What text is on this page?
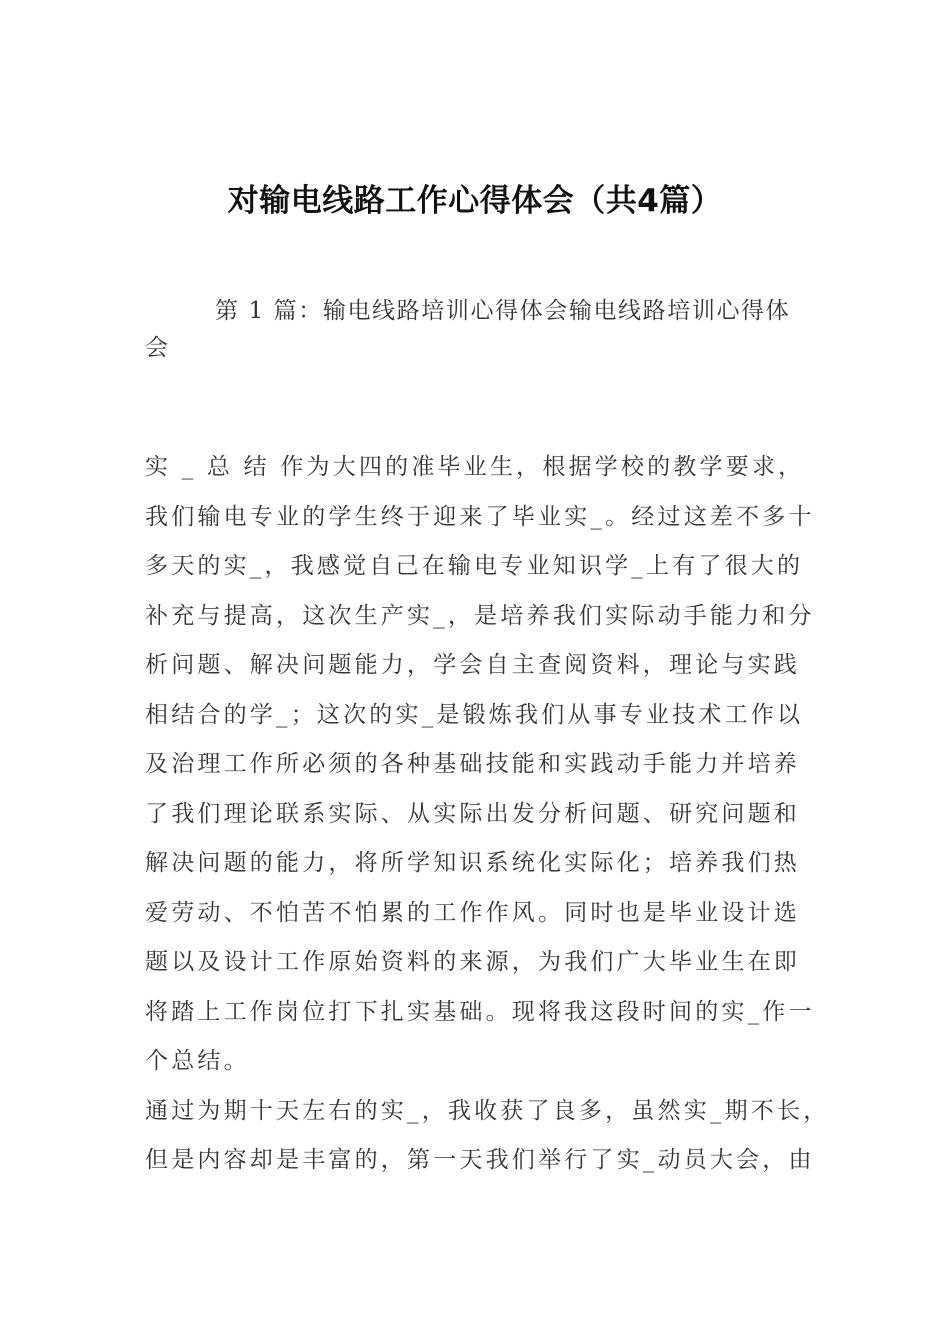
对输电线路工作心得体会（共4篇）

第 1 篇：输电线路培训心得体会输电线路培训心得体会

实 _ 总 结 作为大四的准毕业生，根据学校的教学要求，
我们输电专业的学生终于迎来了毕业实_。经过这差不多十
多天的实_，我感觉自己在输电专业知识学_上有了很大的
补充与提高，这次生产实_，是培养我们实际动手能力和分
析问题、解决问题能力，学会自主查阅资料，理论与实践
相结合的学_；这次的实_是锻炼我们从事专业技术工作以
及治理工作所必须的各种基础技能和实践动手能力并培养
了我们理论联系实际、从实际出发分析问题、研究问题和
解决问题的能力，将所学知识系统化实际化；培养我们热
爱劳动、不怕苦不怕累的工作作风。同时也是毕业设计选
题以及设计工作原始资料的来源，为我们广大毕业生在即
将踏上工作岗位打下扎实基础。现将我这段时间的实_作一
个总结。
通过为期十天左右的实_，我收获了良多，虽然实_期不长，
但是内容却是丰富的，第一天我们举行了实_动员大会，由
